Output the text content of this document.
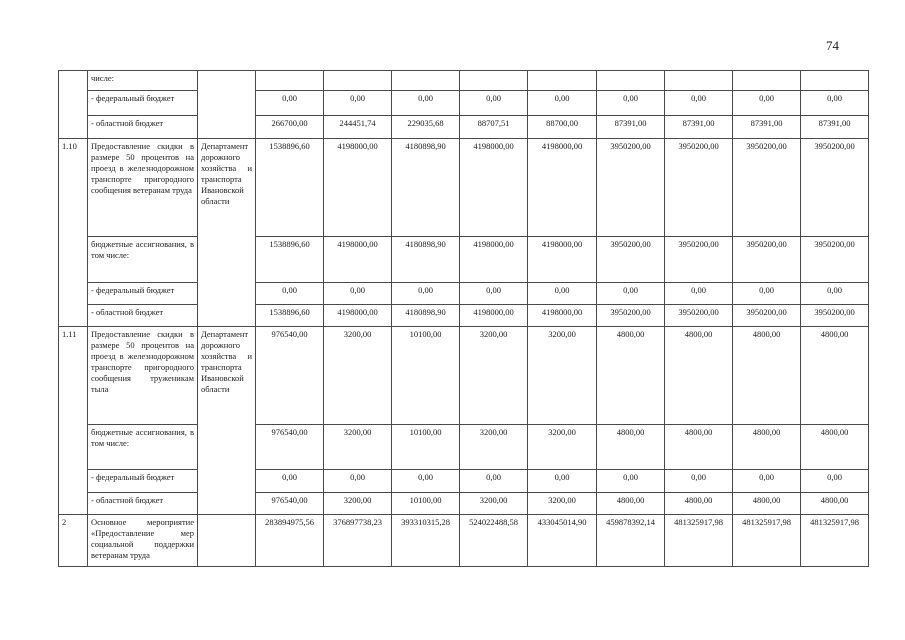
74
	числе:										
	- федеральный бюджет		0,00	0,00	0,00	0,00	0,00	0,00	0,00	0,00	0,00
	- областной бюджет		266700,00	244451,74	229035,68	88707,51	88700,00	87391,00	87391,00	87391,00	87391,00
1.10	Предоставление скидки в размере 50 процентов на проезд в железнодорожном транспорте пригородного сообщения ветеранам труда	Департамент дорожного хозяйства и транспорта Ивановской области	1538896,60	4198000,00	4180898,90	4198000,00	4198000,00	3950200,00	3950200,00	3950200,00	3950200,00
	бюджетные ассигнования, в том числе:		1538896,60	4198000,00	4180898,90	4198000,00	4198000,00	3950200,00	3950200,00	3950200,00	3950200,00
	- федеральный бюджет		0,00	0,00	0,00	0,00	0,00	0,00	0,00	0,00	0,00
	- областной бюджет		1538896,60	4198000,00	4180898,90	4198000,00	4198000,00	3950200,00	3950200,00	3950200,00	3950200,00
1.11	Предоставление скидки в размере 50 процентов на проезд в железнодорожном транспорте пригородного сообщения труженикам тыла	Департамент дорожного хозяйства и транспорта Ивановской области	976540,00	3200,00	10100,00	3200,00	3200,00	4800,00	4800,00	4800,00	4800,00
	бюджетные ассигнования, в том числе:		976540,00	3200,00	10100,00	3200,00	3200,00	4800,00	4800,00	4800,00	4800,00
	- федеральный бюджет		0,00	0,00	0,00	0,00	0,00	0,00	0,00	0,00	0,00
	- областной бюджет		976540,00	3200,00	10100,00	3200,00	3200,00	4800,00	4800,00	4800,00	4800,00
2	Основное мероприятие «Предоставление мер социальной поддержки ветеранам труда		283894975,56	376897738,23	393310315,28	524022488,58	433045014,90	459878392,14	481325917,98	481325917,98	481325917,98
